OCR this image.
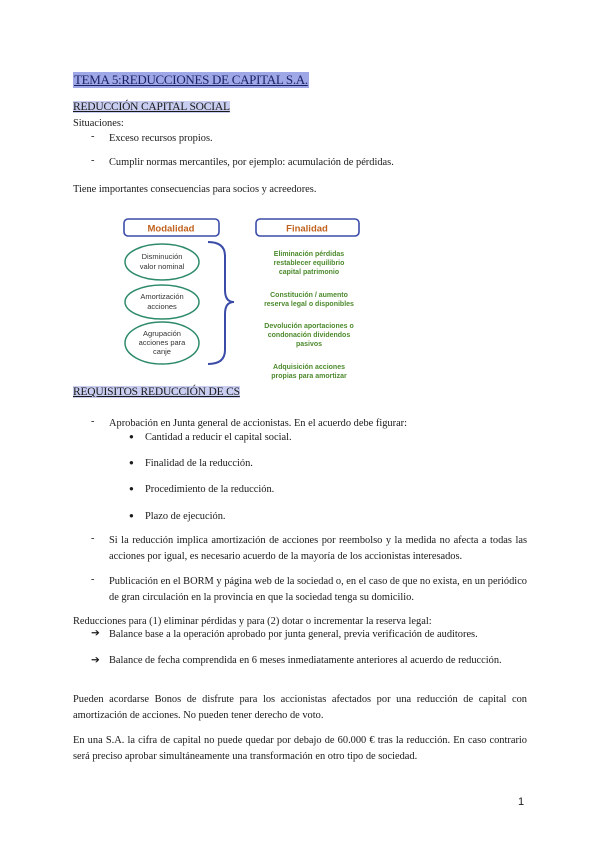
TEMA 5:REDUCCIONES DE CAPITAL S.A.
REDUCCIÓN CAPITAL SOCIAL
Situaciones:
- Exceso recursos propios.
- Cumplir normas mercantiles, por ejemplo: acumulación de pérdidas.
Tiene importantes consecuencias para socios y acreedores.
Modalidad	Finalidad
Disminución
valor nominal
Amortización
acciones
Agrupación
acciones para
canje
Eliminación pérdidas
restablecer equilibrio
capital patrimonio
Constitución / aumento
reserva legal o disponibles
Devolución aportaciones o
condonación dividendos
pasivos
Adquisición acciones
propias para amortizar
REQUISITOS REDUCCIÓN DE CS
- Aprobación en Junta general de accionistas. En el acuerdo debe figurar:
● Cantidad a reducir el capital social.
● Finalidad de la reducción.
● Procedimiento de la reducción.
● Plazo de ejecución.
- Si la reducción implica amortización de acciones por reembolso y la medida no afecta a todas las acciones por igual, es necesario acuerdo de la mayoría de los accionistas interesados.
- Publicación en el BORM y página web de la sociedad o, en el caso de que no exista, en un periódico de gran circulación en la provincia en que la sociedad tenga su domicilio.
Reducciones para (1) eliminar pérdidas y para (2) dotar o incrementar la reserva legal:
➔ Balance base a la operación aprobado por junta general, previa verificación de auditores.
➔ Balance de fecha comprendida en 6 meses inmediatamente anteriores al acuerdo de reducción.
Pueden acordarse Bonos de disfrute para los accionistas afectados por una reducción de capital con amortización de acciones. No pueden tener derecho de voto.
En una S.A. la cifra de capital no puede quedar por debajo de 60.000 € tras la reducción. En caso contrario será preciso aprobar simultáneamente una transformación en otro tipo de sociedad.
1
